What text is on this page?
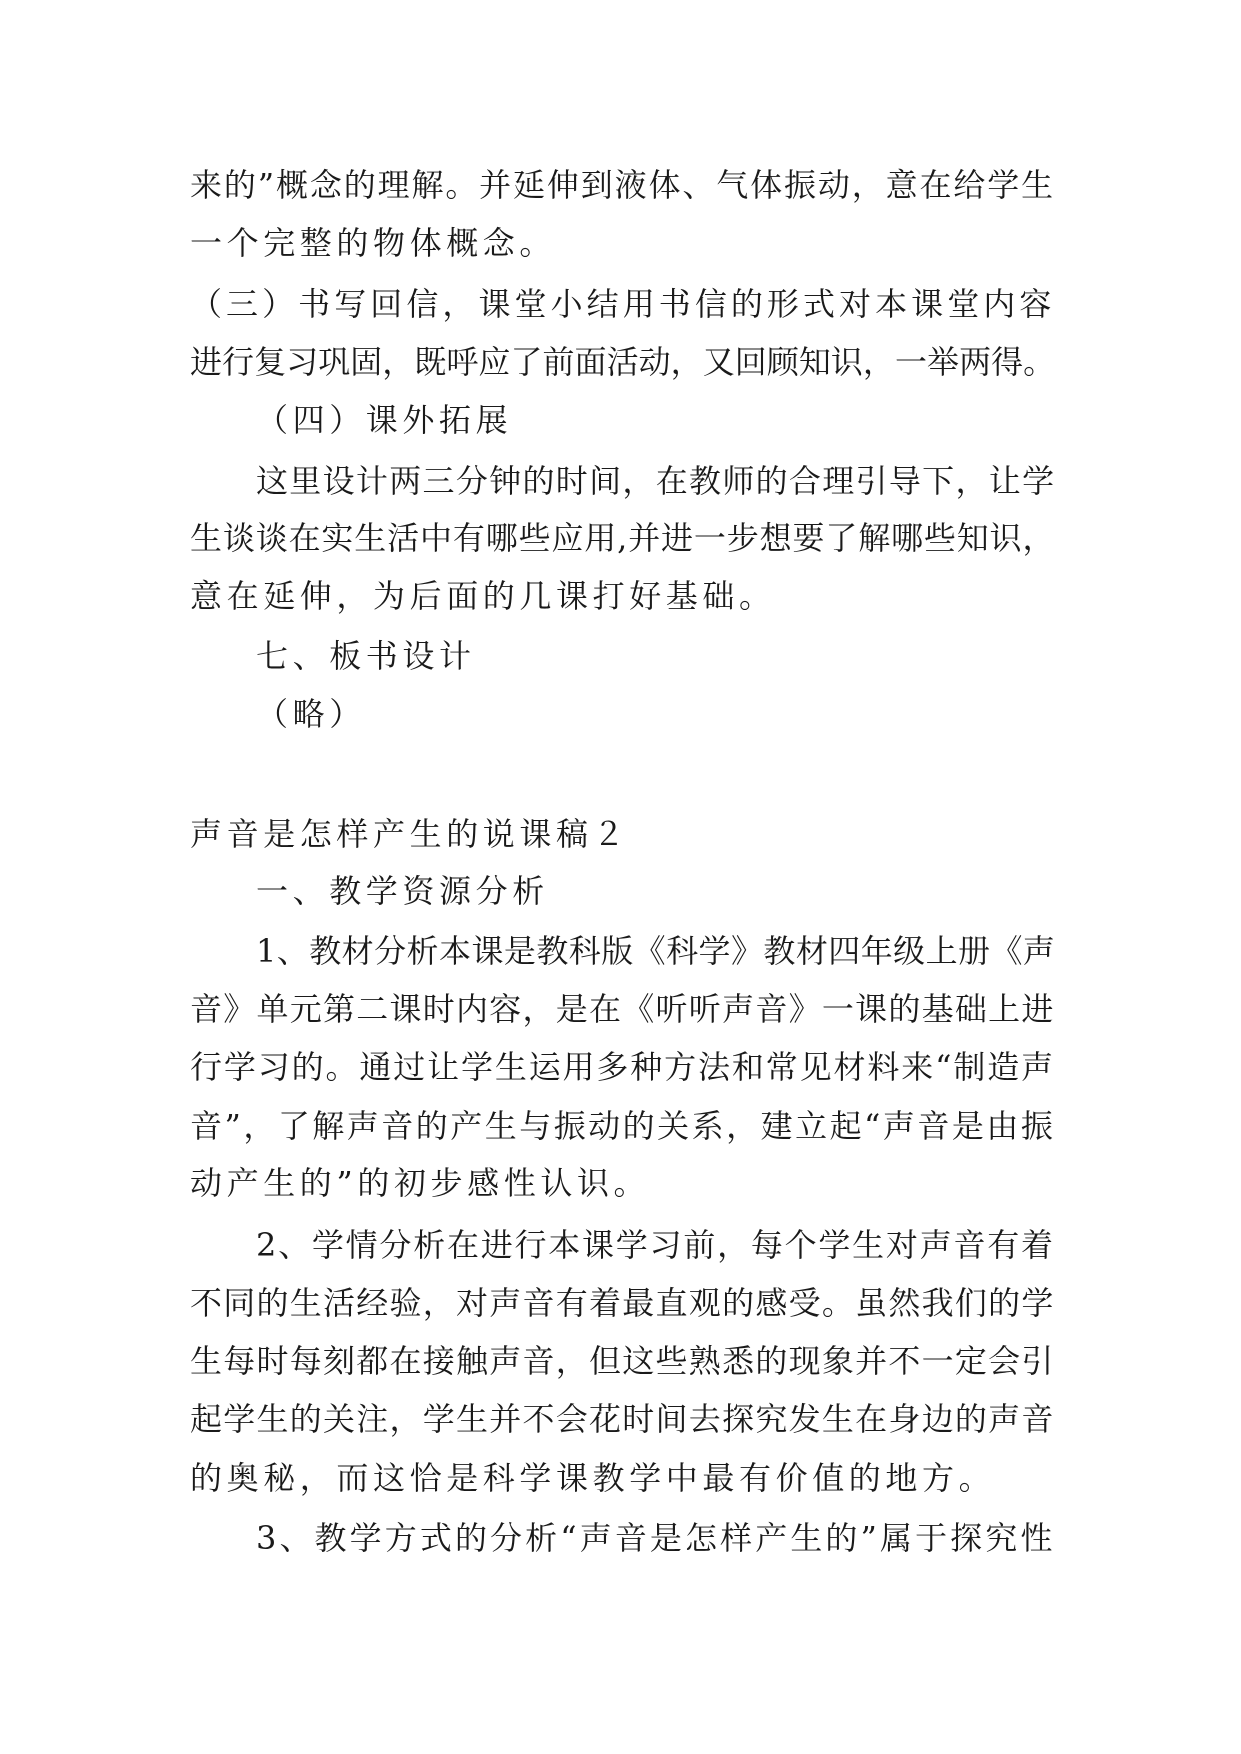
来的”概念的理解。并延伸到液体、气体振动，意在给学生
一个完整的物体概念。
（三）书写回信，课堂小结用书信的形式对本课堂内容
进行复习巩固，既呼应了前面活动，又回顾知识，一举两得。
（四）课外拓展
这里设计两三分钟的时间，在教师的合理引导下，让学
生谈谈在实生活中有哪些应用,并进一步想要了解哪些知识，
意在延伸，为后面的几课打好基础。
七、板书设计
（略）
声音是怎样产生的说课稿２
一、教学资源分析
1、教材分析本课是教科版《科学》教材四年级上册《声
音》单元第二课时内容，是在《听听声音》一课的基础上进
行学习的。通过让学生运用多种方法和常见材料来“制造声
音”，了解声音的产生与振动的关系，建立起“声音是由振
动产生的”的初步感性认识。
2、学情分析在进行本课学习前，每个学生对声音有着
不同的生活经验，对声音有着最直观的感受。虽然我们的学
生每时每刻都在接触声音，但这些熟悉的现象并不一定会引
起学生的关注，学生并不会花时间去探究发生在身边的声音
的奥秘，而这恰是科学课教学中最有价值的地方。
3、教学方式的分析“声音是怎样产生的”属于探究性
